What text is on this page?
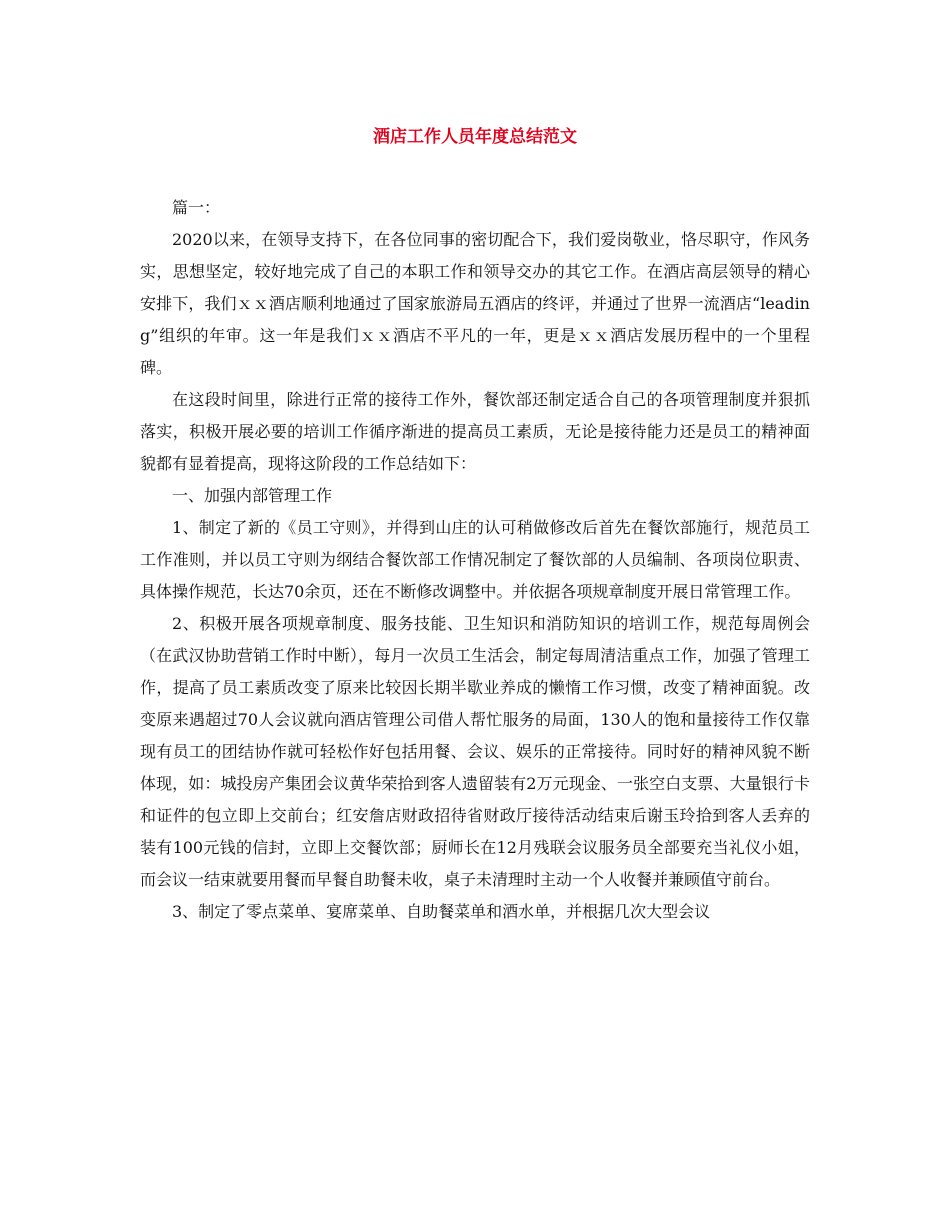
酒店工作人员年度总结范文

篇一：

2020以来，在领导支持下，在各位同事的密切配合下，我们爱岗敬业，恪尽职守，作风务实，思想坚定，较好地完成了自己的本职工作和领导交办的其它工作。在酒店高层领导的精心安排下，我们ｘｘ酒店顺利地通过了国家旅游局五酒店的终评，并通过了世界一流酒店“leading”组织的年审。这一年是我们ｘｘ酒店不平凡的一年，更是ｘｘ酒店发展历程中的一个里程碑。

在这段时间里，除进行正常的接待工作外，餐饮部还制定适合自己的各项管理制度并狠抓落实，积极开展必要的培训工作循序渐进的提高员工素质，无论是接待能力还是员工的精神面貌都有显着提高，现将这阶段的工作总结如下：

一、加强内部管理工作

1、制定了新的《员工守则》，并得到山庄的认可稍做修改后首先在餐饮部施行，规范员工工作准则，并以员工守则为纲结合餐饮部工作情况制定了餐饮部的人员编制、各项岗位职责、具体操作规范，长达70余页，还在不断修改调整中。并依据各项规章制度开展日常管理工作。

2、积极开展各项规章制度、服务技能、卫生知识和消防知识的培训工作，规范每周例会（在武汉协助营销工作时中断），每月一次员工生活会，制定每周清洁重点工作，加强了管理工作，提高了员工素质改变了原来比较因长期半歇业养成的懒惰工作习惯，改变了精神面貌。改变原来遇超过70人会议就向酒店管理公司借人帮忙服务的局面，130人的饱和量接待工作仅靠现有员工的团结协作就可轻松作好包括用餐、会议、娱乐的正常接待。同时好的精神风貌不断体现，如：城投房产集团会议黄华荣拾到客人遗留装有2万元现金、一张空白支票、大量银行卡和证件的包立即上交前台；红安詹店财政招待省财政厅接待活动结束后谢玉玲拾到客人丢弃的装有100元钱的信封，立即上交餐饮部；厨师长在12月残联会议服务员全部要充当礼仪小姐，而会议一结束就要用餐而早餐自助餐未收，桌子未清理时主动一个人收餐并兼顾值守前台。

3、制定了零点菜单、宴席菜单、自助餐菜单和酒水单，并根据几次大型会议
